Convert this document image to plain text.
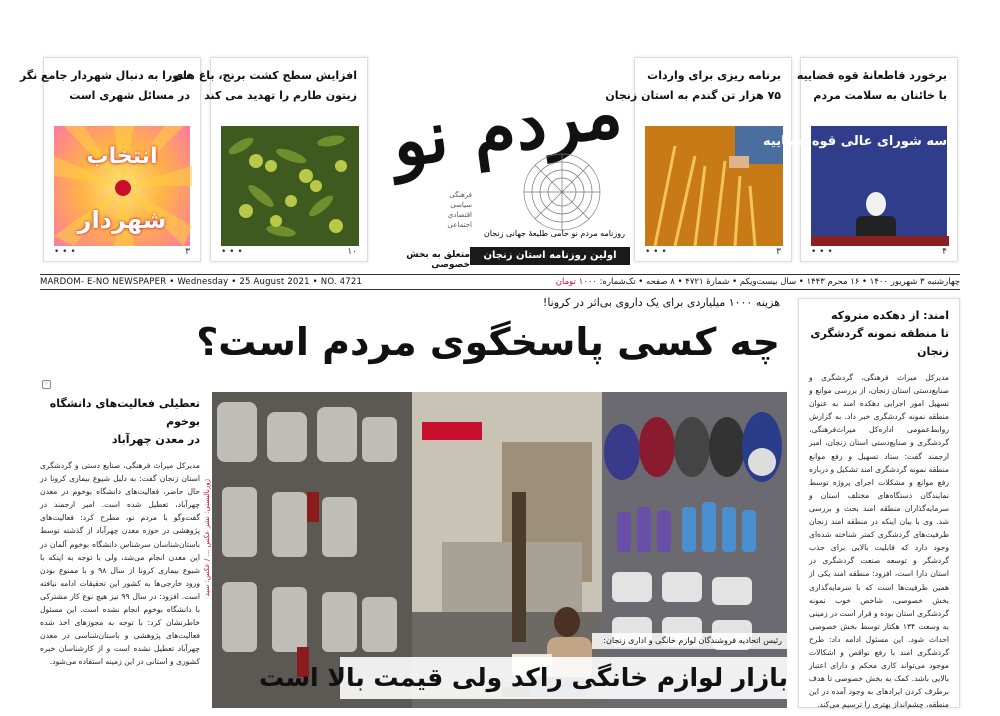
شورا به دنبال شهردار جامع نگر
در مسائل شهری است
انتخاب
شهردار
۳
• • •
افزایش سطح کشت برنج، باغ های
زیتون طارم را تهدید می کند
۱۰
• • •
برنامه ریزی برای واردات
۷۵ هزار تن گندم به استان زنجان
۳
• • •
برخورد قاطعانهٔ قوه قضاییه
با خائنان به سلامت مردم
سه شورای عالی قوه قضاییه
۴
• • •
مردم نو
فرهنگی
سیاسی
اقتصادی
اجتماعی
روزنامه مردم نو حامی طلیعهٔ جهانی زنجان
اولین روزنامه استان زنجان
متعلق به بخش خصوصی
MARDOM- E-NO NEWSPAPER • Wednesday • 25 August 2021 • NO. 4721	چهارشنبه ۳ شهریور ۱۴۰۰ • ۱۶ محرم ۱۴۴۳ • سال بیست‌ویکم • شمارهٔ ۴۷۲۱ • ۸ صفحه • تک‌شماره: ۱۰۰۰ تومان
هزینه ۱۰۰۰ میلیاردی برای یک داروی بی‌اثر در کرونا!
چه کسی پاسخگوی مردم است؟
◦
تعطیلی فعالیت‌های دانشگاه بوخوم
در معدن چهرآباد
مدیرکل میراث فرهنگی، صنایع دستی و گردشگری استان زنجان گفت: به دلیل شیوع بیماری کرونا در حال حاضر، فعالیت‌های دانشگاه بوخوم در معدن چهرآباد، تعطیل شده است. امیر ارجمند در گفت‌وگو با مردم نو، مطرح کرد: فعالیت‌های پژوهشی در حوزه معدن چهرآباد از گذشته توسط باستان‌شناسان سرشناس دانشگاه بوخوم آلمان در این معدن انجام می‌شد، ولی با توجه به اینکه با شیوع بیماری کرونا از سال ۹۸ و با ممنوع بودن ورود خارجی‌ها به کشور این تحقیقات ادامه نیافته است. افزود: در سال ۹۹ نیز هیچ نوع کار مشترکی با دانشگاه بوخوم انجام نشده است. این مسئول خاطرنشان کرد: با توجه به مجوزهای اخذ شده فعالیت‌های پژوهشی و باستان‌شناسی در معدن چهرآباد تعطیل نشده است و از کارشناسان خبره کشوری و استانی در این زمینه استفاده می‌شود.
ژورنالیستی: نشر عکس ... / عکس: سید
رئیس اتحادیه فروشندگان لوازم خانگی و اداری زنجان:
بازار لوازم خانگی راکد ولی قیمت بالا است
امند: از دهکده متروکه
تا منطقه نمونه گردشگری زنجان
مدیرکل میراث فرهنگی، گردشگری و صنایع‌دستی استان زنجان، از بررسی موانع و تسهیل امور اجرایی دهکده امند به عنوان منطقه نمونه گردشگری خبر داد. به گزارش روابط‌عمومی اداره‌کل میراث‌فرهنگی، گردشگری و صنایع‌دستی استان زنجان، امیر ارجمند گفت: ستاد تسهیل و رفع موانع منطقه نمونه گردشگری امند تشکیل و درباره رفع موانع و مشکلات اجرای پروژه توسط نمایندگان دستگاه‌های مختلف استان و سرمایه‌گذاران منطقه امند بحث و بررسی شد. وی با بیان اینکه در منطقه امند زنجان ظرفیت‌های گردشگری کمتر شناخته شده‌ای وجود دارد که قابلیت بالایی برای جذب گردشگر و توسعه صنعت گردشگری در استان دارا است، افزود: منطقه امند یکی از همین ظرفیت‌ها است که با سرمایه‌گذاری بخش خصوصی، شاخص خوب نمونه گردشگری استان بوده و قرار است در زمینی به وسعت ۱۳۴ هکتار توسط بخش خصوصی احداث شود. این مسئول ادامه داد: طرح گردشگری امند با رفع نواقص و اشکالات موجود می‌تواند کاری محکم و دارای اعتبار بالایی باشد. کمک به بخش خصوصی تا هدف برطرف کردن ایرادهای به وجود آمده در این منطقه، چشم‌انداز بهتری را ترسیم می‌کند.
